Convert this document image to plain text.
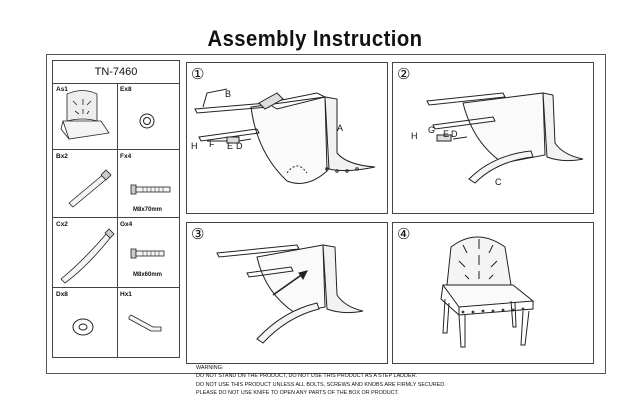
Assembly Instruction
TN-7460
As1	Ex8
Bx2	Fx4
M8x70mm
Cx2	Gx4
M8x60mm
Dx8	Hx1
①
B
A
H F E D
②
H
G E D
C
③	④
WARNING:
DO NOT STAND ON THE PRODUCT, DO NOT USE THIS PRODUCT AS A STEP LADDER.
DO NOT USE THIS PRODUCT UNLESS ALL BOLTS, SCREWS AND KNOBS ARE FIRMLY SECURED.
PLEASE DO NOT USE KNIFE TO OPEN ANY PARTS OF THE BOX OR PRODUCT.
